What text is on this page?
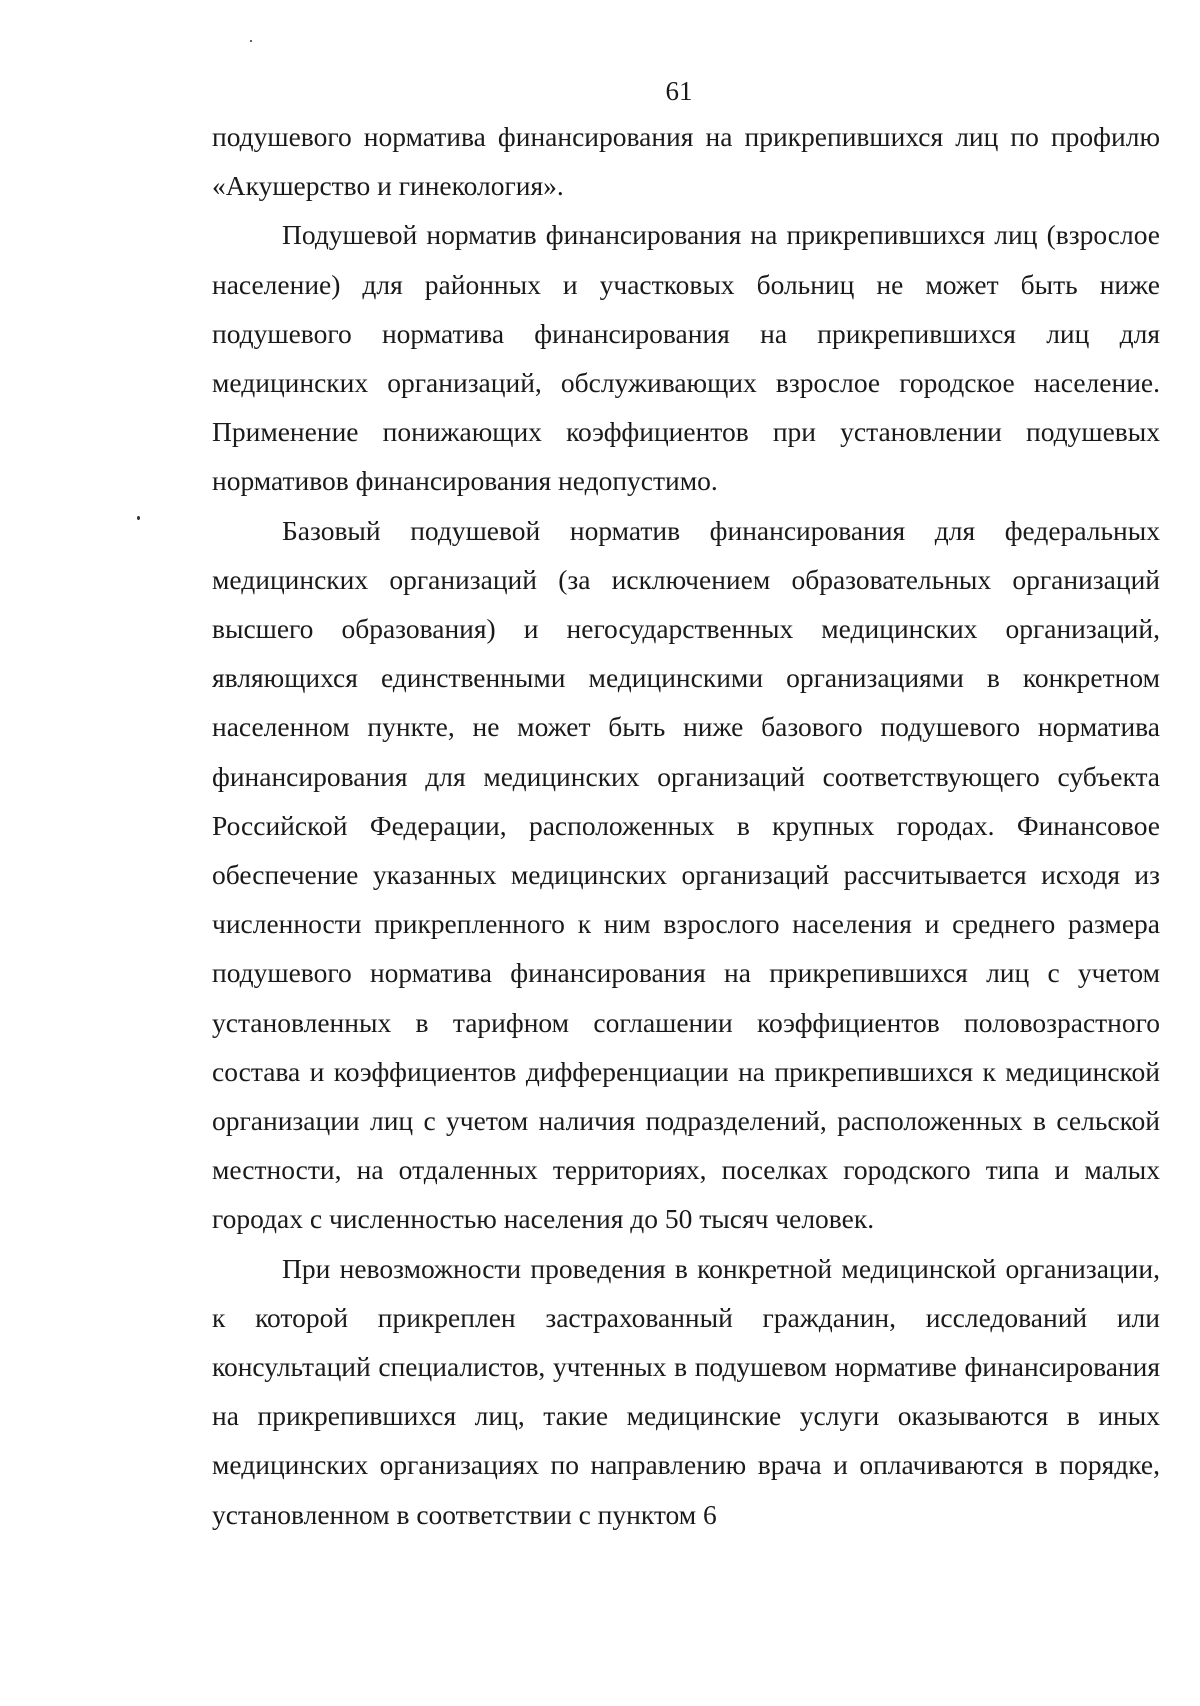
61

подушевого норматива финансирования на прикрепившихся лиц по профилю «Акушерство и гинекология».

Подушевой норматив финансирования на прикрепившихся лиц (взрослое население) для районных и участковых больниц не может быть ниже подушевого норматива финансирования на прикрепившихся лиц для медицинских организаций, обслуживающих взрослое городское население. Применение понижающих коэффициентов при установлении подушевых нормативов финансирования недопустимо.

Базовый подушевой норматив финансирования для федеральных медицинских организаций (за исключением образовательных организаций высшего образования) и негосударственных медицинских организаций, являющихся единственными медицинскими организациями в конкретном населенном пункте, не может быть ниже базового подушевого норматива финансирования для медицинских организаций соответствующего субъекта Российской Федерации, расположенных в крупных городах. Финансовое обеспечение указанных медицинских организаций рассчитывается исходя из численности прикрепленного к ним взрослого населения и среднего размера подушевого норматива финансирования на прикрепившихся лиц с учетом установленных в тарифном соглашении коэффициентов половозрастного состава и коэффициентов дифференциации на прикрепившихся к медицинской организации лиц с учетом наличия подразделений, расположенных в сельской местности, на отдаленных территориях, поселках городского типа и малых городах с численностью населения до 50 тысяч человек.

При невозможности проведения в конкретной медицинской организации, к которой прикреплен застрахованный гражданин, исследований или консультаций специалистов, учтенных в подушевом нормативе финансирования на прикрепившихся лиц, такие медицинские услуги оказываются в иных медицинских организациях по направлению врача и оплачиваются в порядке, установленном в соответствии с пунктом 6
